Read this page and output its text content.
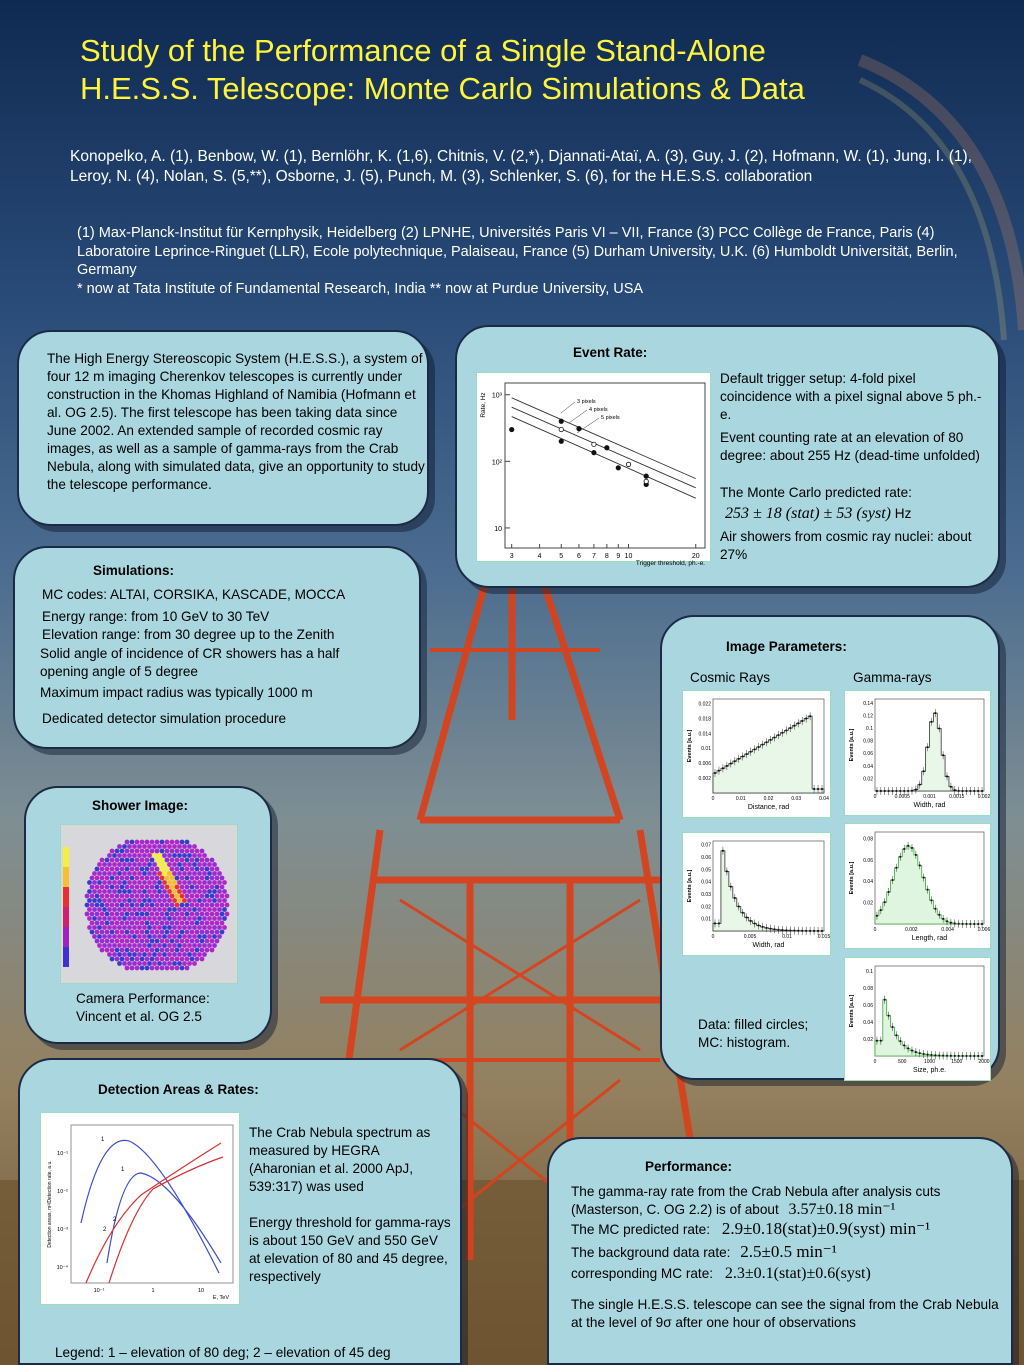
Study of the Performance of a Single Stand-Alone
H.E.S.S. Telescope: Monte Carlo Simulations & Data
Konopelko, A. (1), Benbow, W. (1), Bernlöhr, K. (1,6), Chitnis, V. (2,*), Djannati-Ataï, A. (3), Guy, J. (2), Hofmann, W. (1), Jung, I. (1), Leroy, N. (4), Nolan, S. (5,**), Osborne, J. (5), Punch, M. (3), Schlenker, S. (6), for the H.E.S.S. collaboration
(1) Max-Planck-Institut für Kernphysik, Heidelberg (2) LPNHE, Universités Paris VI – VII, France (3) PCC Collège de France, Paris (4) Laboratoire Leprince-Ringuet (LLR), Ecole polytechnique, Palaiseau, France (5) Durham University, U.K. (6) Humboldt Universität, Berlin, Germany
* now at Tata Institute of Fundamental Research, India ** now at Purdue University, USA
The High Energy Stereoscopic System (H.E.S.S.), a system of four 12 m imaging Cherenkov telescopes is currently under construction in the Khomas Highland of Namibia (Hofmann et al. OG 2.5). The first telescope has been taking data since June 2002. An extended sample of recorded cosmic ray images, as well as a sample of gamma-rays from the Crab Nebula, along with simulated data, give an opportunity to study the telescope performance.
Event Rate:
10
10²
10³
3	4	5 6 7 8 9 10	20
Trigger threshold, ph.-e.
Rate, Hz	3 pixels
4 pixels
5 pixels
Default trigger setup: 4-fold pixel coincidence with a pixel signal above 5 ph.-e.
Event counting rate at an elevation of 80 degree: about 255 Hz (dead-time unfolded)
The Monte Carlo predicted rate:
253 ± 18 (stat) ± 53 (syst) Hz
Air showers from cosmic ray nuclei: about 27%
Simulations:
MC codes: ALTAI, CORSIKA, KASCADE, MOCCA
Energy range: from 10 GeV to 30 TeV
Elevation range: from 30 degree up to the Zenith
Solid angle of incidence of CR showers has a half opening angle of 5 degree
Maximum impact radius was typically 1000 m
Dedicated detector simulation procedure
Shower Image:
Camera Performance:
Vincent et al. OG 2.5
Image Parameters:
Cosmic Rays	Gamma-rays
Events [a.u.]
0.002
0.006
0.01
0.014
0.018
0.022
0	0.01	0.02	0.03	0.04
Distance, rad
Events [a.u.]
0.02
0.04
0.06
0.08
0.1
0.12
0.14
0	0.0005	0.001	0.0015	0.002
Width, rad
Events [a.u.]
0.01
0.02
0.03
0.04
0.05
0.06
0.07
0	0.005	0.01	0.015
Width, rad
Events [a.u.]
0.02
0.04
0.06
0.08
0	0.002	0.004	0.006
Length, rad
Events [a.u.]
0.02
0.04
0.06
0.08
0.1
0	500	1000	1500	2000
Size, ph.e.
Data: filled circles;
MC: histogram.
Detection Areas & Rates:
10⁻¹
10⁻²
10⁻³
10⁻⁴
10⁻¹	1	10
E, TeV
Detection areas, m²/Detection rate, a.u.
1
1
2
2
The Crab Nebula spectrum as measured by HEGRA (Aharonian et al. 2000 ApJ, 539:317) was used
Energy threshold for gamma-rays is about 150 GeV and 550 GeV at elevation of 80 and 45 degree, respectively
Legend: 1 – elevation of 80 deg; 2 – elevation of 45 deg
Performance:
The gamma-ray rate from the Crab Nebula after analysis cuts (Masterson, C. OG 2.2) is of about 3.57±0.18 min⁻¹
The MC predicted rate: 2.9±0.18(stat)±0.9(syst) min⁻¹
The background data rate: 2.5±0.5 min⁻¹
corresponding MC rate: 2.3±0.1(stat)±0.6(syst)
The single H.E.S.S. telescope can see the signal from the Crab Nebula at the level of 9σ after one hour of observations
